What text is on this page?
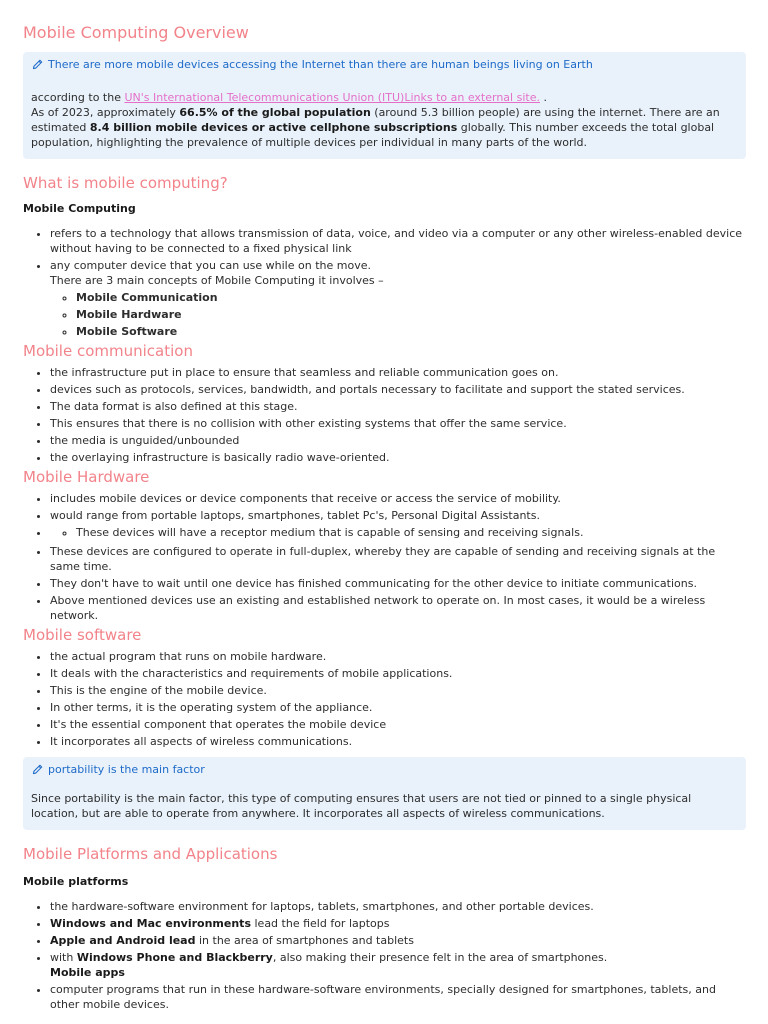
Mobile Computing Overview
There are more mobile devices accessing the Internet than there are human beings living on Earth

according to the UN's International Telecommunications Union (ITU)Links to an external site. .

As of 2023, approximately 66.5% of the global population (around 5.3 billion people) are using the internet. There are an estimated 8.4 billion mobile devices or active cellphone subscriptions globally. This number exceeds the total global population, highlighting the prevalence of multiple devices per individual in many parts of the world.

What is mobile computing?
Mobile Computing
• refers to a technology that allows transmission of data, voice, and video via a computer or any other wireless-enabled device without having to be connected to a fixed physical link
• any computer device that you can use while on the move.
There are 3 main concepts of Mobile Computing it involves –
◦ Mobile Communication
◦ Mobile Hardware
◦ Mobile Software
Mobile communication
• the infrastructure put in place to ensure that seamless and reliable communication goes on.
• devices such as protocols, services, bandwidth, and portals necessary to facilitate and support the stated services.
• The data format is also defined at this stage.
• This ensures that there is no collision with other existing systems that offer the same service.
• the media is unguided/unbounded
• the overlaying infrastructure is basically radio wave-oriented.
Mobile Hardware
• includes mobile devices or device components that receive or access the service of mobility.
• would range from portable laptops, smartphones, tablet Pc's, Personal Digital Assistants.
◦ • These devices will have a receptor medium that is capable of sensing and receiving signals.
• These devices are configured to operate in full-duplex, whereby they are capable of sending and receiving signals at the same time.
• They don't have to wait until one device has finished communicating for the other device to initiate communications.
• Above mentioned devices use an existing and established network to operate on. In most cases, it would be a wireless network.
Mobile software
• the actual program that runs on mobile hardware.
• It deals with the characteristics and requirements of mobile applications.
• This is the engine of the mobile device.
• In other terms, it is the operating system of the appliance.
• It's the essential component that operates the mobile device
• It incorporates all aspects of wireless communications.
portability is the main factor

Since portability is the main factor, this type of computing ensures that users are not tied or pinned to a single physical location, but are able to operate from anywhere. It incorporates all aspects of wireless communications.

Mobile Platforms and Applications
Mobile platforms
• the hardware-software environment for laptops, tablets, smartphones, and other portable devices.
• Windows and Mac environments lead the field for laptops
• Apple and Android lead in the area of smartphones and tablets
• with Windows Phone and Blackberry, also making their presence felt in the area of smartphones.
Mobile apps
• computer programs that run in these hardware-software environments, specially designed for smartphones, tablets, and other mobile devices.
